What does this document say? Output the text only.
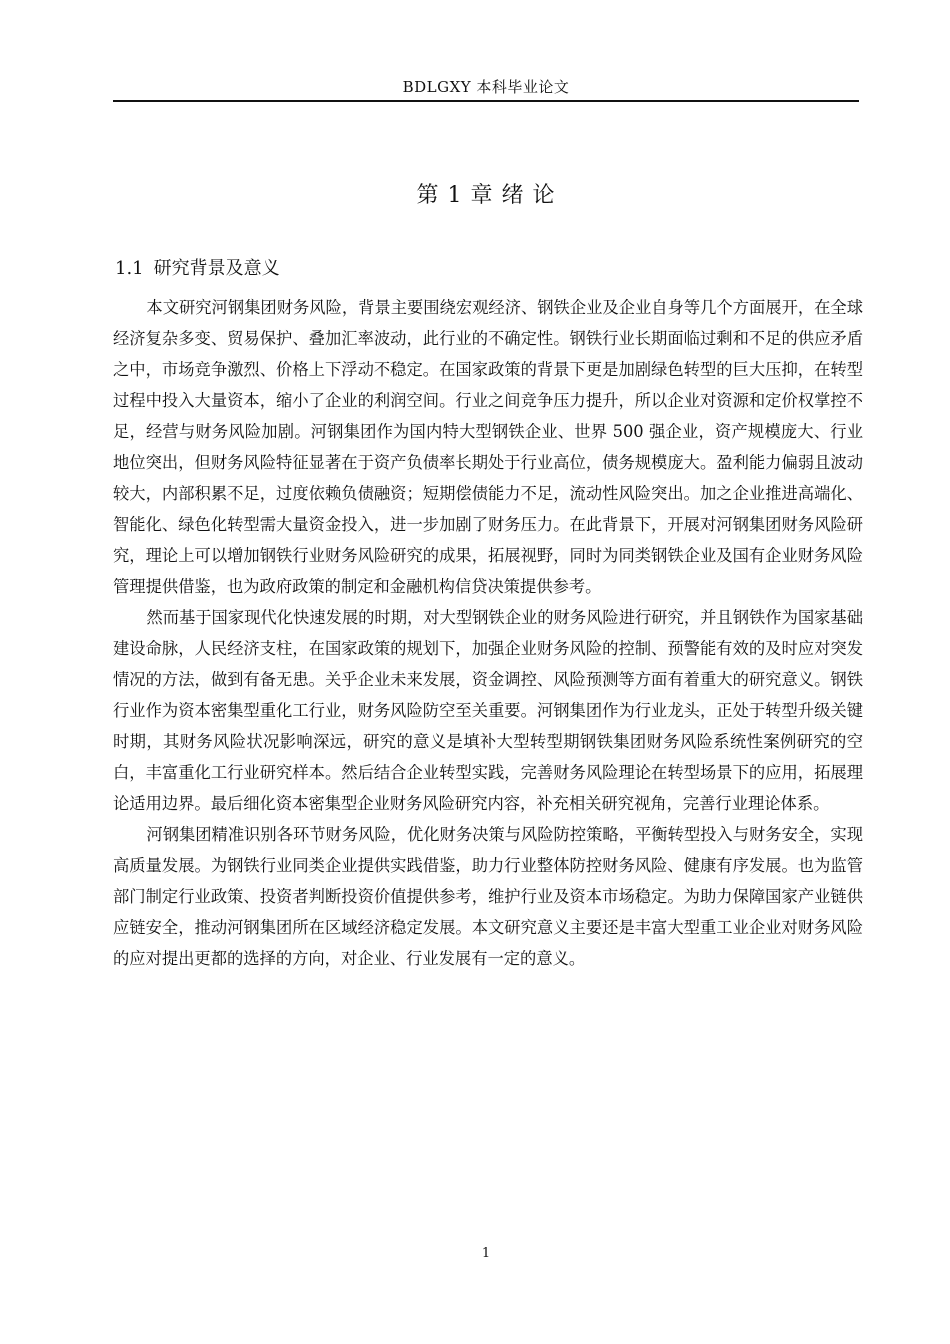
BDLGXY 本科毕业论文
第 1 章 绪 论
1.1 研究背景及意义

本文研究河钢集团财务风险，背景主要围绕宏观经济、钢铁企业及企业自身等几个方面展开，在全球经济复杂多变、贸易保护、叠加汇率波动，此行业的不确定性。钢铁行业长期面临过剩和不足的供应矛盾之中，市场竞争激烈、价格上下浮动不稳定。在国家政策的背景下更是加剧绿色转型的巨大压抑，在转型过程中投入大量资本，缩小了企业的利润空间。行业之间竞争压力提升，所以企业对资源和定价权掌控不足，经营与财务风险加剧。河钢集团作为国内特大型钢铁企业、世界 500 强企业，资产规模庞大、行业地位突出，但财务风险特征显著在于资产负债率长期处于行业高位，债务规模庞大。盈利能力偏弱且波动较大，内部积累不足，过度依赖负债融资；短期偿债能力不足，流动性风险突出。加之企业推进高端化、智能化、绿色化转型需大量资金投入，进一步加剧了财务压力。在此背景下，开展对河钢集团财务风险研究，理论上可以增加钢铁行业财务风险研究的成果，拓展视野，同时为同类钢铁企业及国有企业财务风险管理提供借鉴，也为政府政策的制定和金融机构信贷决策提供参考。

然而基于国家现代化快速发展的时期，对大型钢铁企业的财务风险进行研究，并且钢铁作为国家基础建设命脉，人民经济支柱，在国家政策的规划下，加强企业财务风险的控制、预警能有效的及时应对突发情况的方法，做到有备无患。关乎企业未来发展，资金调控、风险预测等方面有着重大的研究意义。钢铁行业作为资本密集型重化工行业，财务风险防空至关重要。河钢集团作为行业龙头，正处于转型升级关键时期，其财务风险状况影响深远，研究的意义是填补大型转型期钢铁集团财务风险系统性案例研究的空白，丰富重化工行业研究样本。然后结合企业转型实践，完善财务风险理论在转型场景下的应用，拓展理论适用边界。最后细化资本密集型企业财务风险研究内容，补充相关研究视角，完善行业理论体系。

河钢集团精准识别各环节财务风险，优化财务决策与风险防控策略，平衡转型投入与财务安全，实现高质量发展。为钢铁行业同类企业提供实践借鉴，助力行业整体防控财务风险、健康有序发展。也为监管部门制定行业政策、投资者判断投资价值提供参考，维护行业及资本市场稳定。为助力保障国家产业链供应链安全，推动河钢集团所在区域经济稳定发展。本文研究意义主要还是丰富大型重工业企业对财务风险的应对提出更都的选择的方向，对企业、行业发展有一定的意义。

1
